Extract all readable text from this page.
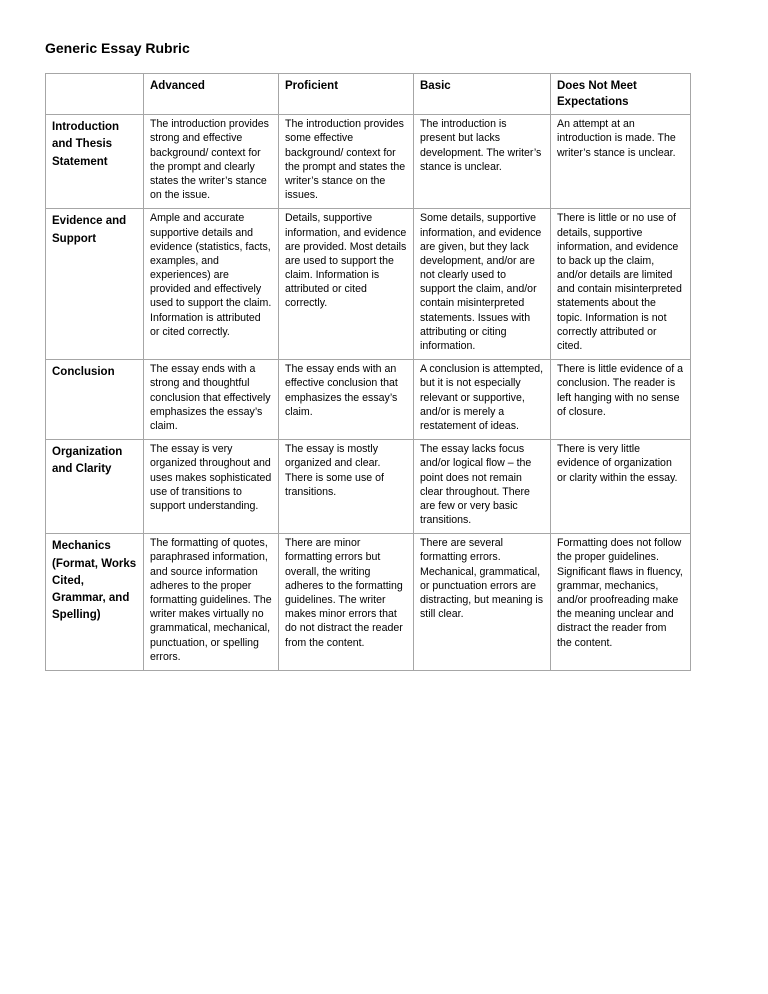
Generic Essay Rubric
	Advanced	Proficient	Basic	Does Not Meet Expectations
Introduction and Thesis Statement	The introduction provides strong and effective background/ context for the prompt and clearly states the writer’s stance on the issue.	The introduction provides some effective background/ context for the prompt and states the writer’s stance on the issues.	The introduction is present but lacks development. The writer’s stance is unclear.	An attempt at an introduction is made. The writer’s stance is unclear.
Evidence and Support	Ample and accurate supportive details and evidence (statistics, facts, examples, and experiences) are provided and effectively used to support the claim. Information is attributed or cited correctly.	Details, supportive information, and evidence are provided. Most details are used to support the claim. Information is attributed or cited correctly.	Some details, supportive information, and evidence are given, but they lack development, and/or are not clearly used to support the claim, and/or contain misinterpreted statements. Issues with attributing or citing information.	There is little or no use of details, supportive information, and evidence to back up the claim, and/or details are limited and contain misinterpreted statements about the topic. Information is not correctly attributed or cited.
Conclusion	The essay ends with a strong and thoughtful conclusion that effectively emphasizes the essay’s claim.	The essay ends with an effective conclusion that emphasizes the essay’s claim.	A conclusion is attempted, but it is not especially relevant or supportive, and/or is merely a restatement of ideas.	There is little evidence of a conclusion. The reader is left hanging with no sense of closure.
Organization and Clarity	The essay is very organized throughout and uses makes sophisticated use of transitions to support understanding.	The essay is mostly organized and clear. There is some use of transitions.	The essay lacks focus and/or logical flow – the point does not remain clear throughout. There are few or very basic transitions.	There is very little evidence of organization or clarity within the essay.
Mechanics (Format, Works Cited, Grammar, and Spelling)	The formatting of quotes, paraphrased information, and source information adheres to the proper formatting guidelines. The writer makes virtually no grammatical, mechanical, punctuation, or spelling errors.	There are minor formatting errors but overall, the writing adheres to the formatting guidelines. The writer makes minor errors that do not distract the reader from the content.	There are several formatting errors. Mechanical, grammatical, or punctuation errors are distracting, but meaning is still clear.	Formatting does not follow the proper guidelines. Significant flaws in fluency, grammar, mechanics, and/or proofreading make the meaning unclear and distract the reader from the content.
